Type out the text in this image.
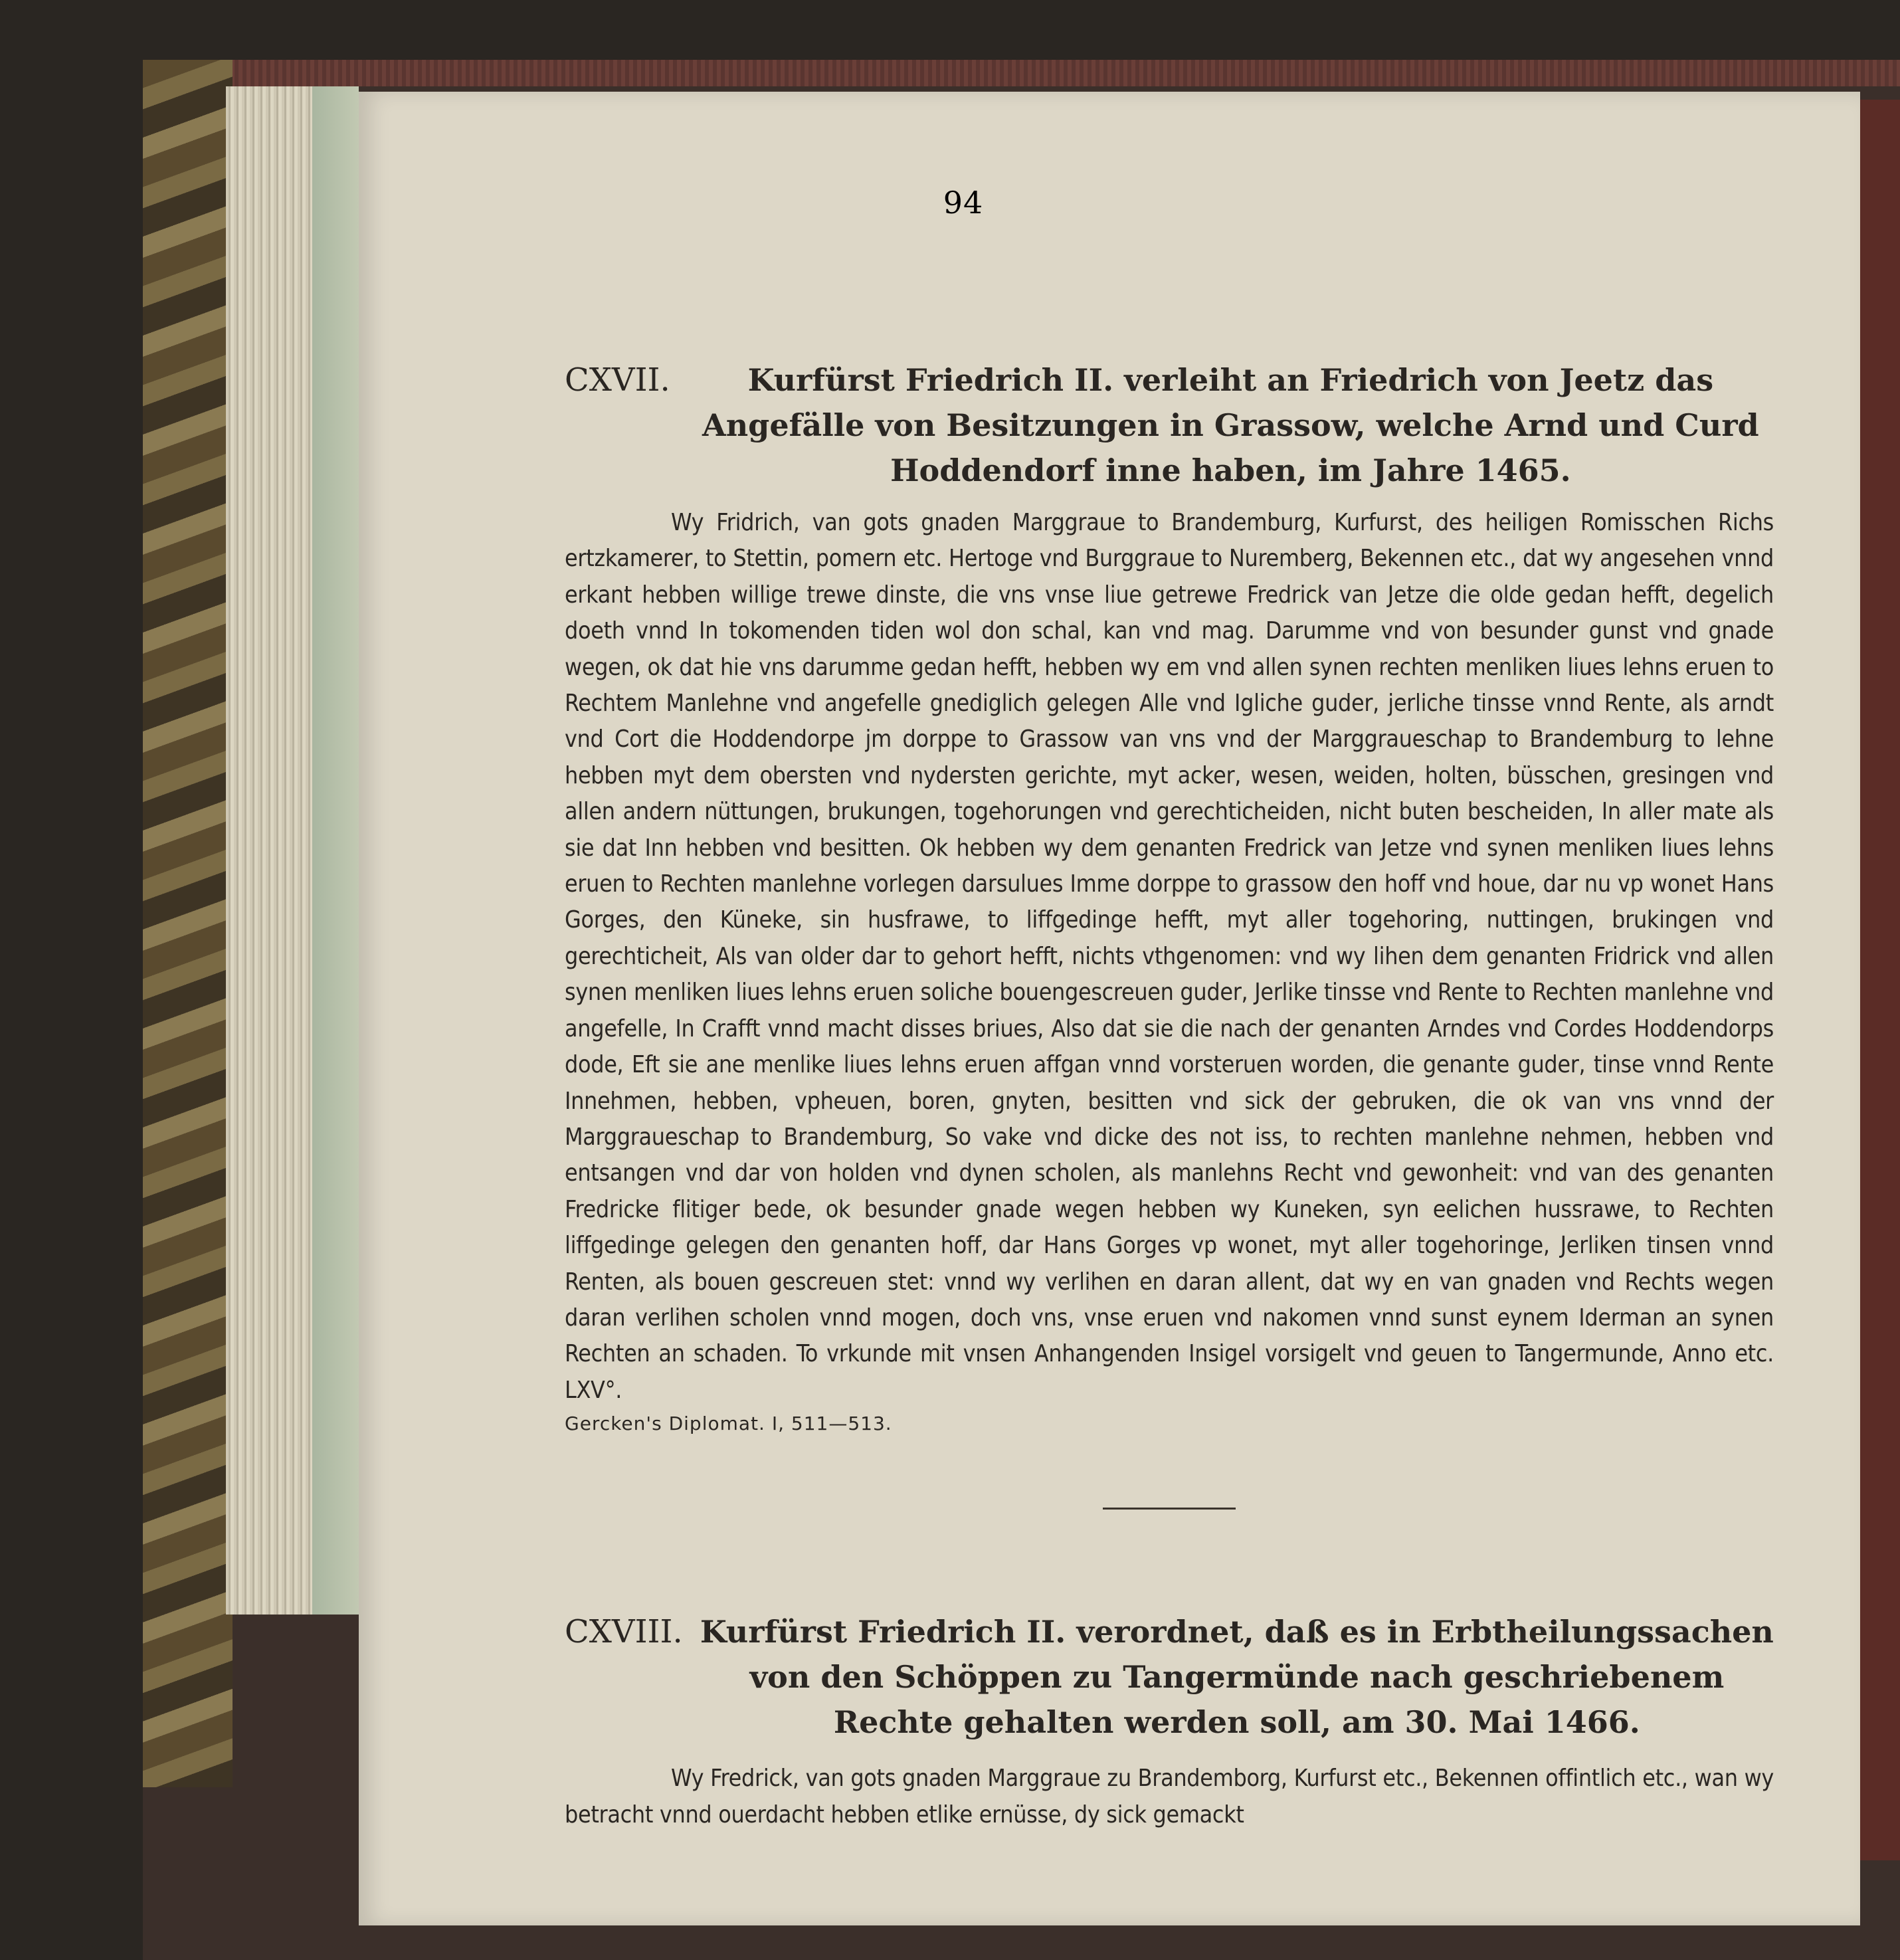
94
CXVII.	Kurfürst Friedrich II. verleiht an Friedrich von Jeetz das Angefälle von Besitzungen in Grassow, welche Arnd und Curd Hoddendorf inne haben, im Jahre 1465.

Wy Fridrich, van gots gnaden Marggraue to Brandemburg, Kurfurst, des heiligen Romisschen Richs ertzkamerer, to Stettin, pomern etc. Hertoge vnd Burggraue to Nuremberg, Bekennen etc., dat wy angesehen vnnd erkant hebben willige trewe dinste, die vns vnse liue getrewe Fredrick van Jetze die olde gedan hefft, degelich doeth vnnd In tokomenden tiden wol don schal, kan vnd mag. Darumme vnd von besunder gunst vnd gnade wegen, ok dat hie vns darumme gedan hefft, hebben wy em vnd allen synen rechten menliken liues lehns eruen to Rechtem Manlehne vnd angefelle gnediglich gelegen Alle vnd Igliche guder, jerliche tinsse vnnd Rente, als arndt vnd Cort die Hoddendorpe jm dorppe to Grassow van vns vnd der Marggraueschap to Brandemburg to lehne hebben myt dem obersten vnd nydersten gerichte, myt acker, wesen, weiden, holten, büsschen, gresingen vnd allen andern nüttungen, brukungen, togehorungen vnd gerechticheiden, nicht buten bescheiden, In aller mate als sie dat Inn hebben vnd besitten. Ok hebben wy dem genanten Fredrick van Jetze vnd synen menliken liues lehns eruen to Rechten manlehne vorlegen darsulues Imme dorppe to grassow den hoff vnd houe, dar nu vp wonet Hans Gorges, den Küneke, sin husfrawe, to liffgedinge hefft, myt aller togehoring, nuttingen, brukingen vnd gerechticheit, Als van older dar to gehort hefft, nichts vthgenomen: vnd wy lihen dem genanten Fridrick vnd allen synen menliken liues lehns eruen soliche bouengescreuen guder, Jerlike tinsse vnd Rente to Rechten manlehne vnd angefelle, In Crafft vnnd macht disses briues, Also dat sie die nach der genanten Arndes vnd Cordes Hoddendorps dode, Eft sie ane menlike liues lehns eruen affgan vnnd vorsteruen worden, die genante guder, tinse vnnd Rente Innehmen, hebben, vpheuen, boren, gnyten, besitten vnd sick der gebruken, die ok van vns vnnd der Marggraueschap to Brandemburg, So vake vnd dicke des not iss, to rechten manlehne nehmen, hebben vnd entsangen vnd dar von holden vnd dynen scholen, als manlehns Recht vnd gewonheit: vnd van des genanten Fredricke flitiger bede, ok besunder gnade wegen hebben wy Kuneken, syn eelichen hussrawe, to Rechten liffgedinge gelegen den genanten hoff, dar Hans Gorges vp wonet, myt aller togehoringe, Jerliken tinsen vnnd Renten, als bouen gescreuen stet: vnnd wy verlihen en daran allent, dat wy en van gnaden vnd Rechts wegen daran verlihen scholen vnnd mogen, doch vns, vnse eruen vnd nakomen vnnd sunst eynem Iderman an synen Rechten an schaden. To vrkunde mit vnsen Anhangenden Insigel vorsigelt vnd geuen to Tangermunde, Anno etc. LXV°.

Gercken's Diplomat. I, 511—513.
CXVIII. Kurfürst Friedrich II. verordnet, daß es in Erbtheilungssachen von den Schöppen zu Tangermünde nach geschriebenem Rechte gehalten werden soll, am 30. Mai 1466.

Wy Fredrick, van gots gnaden Marggraue zu Brandemborg, Kurfurst etc., Bekennen offintlich etc., wan wy betracht vnnd ouerdacht hebben etlike ernüsse, dy sick gemackt
